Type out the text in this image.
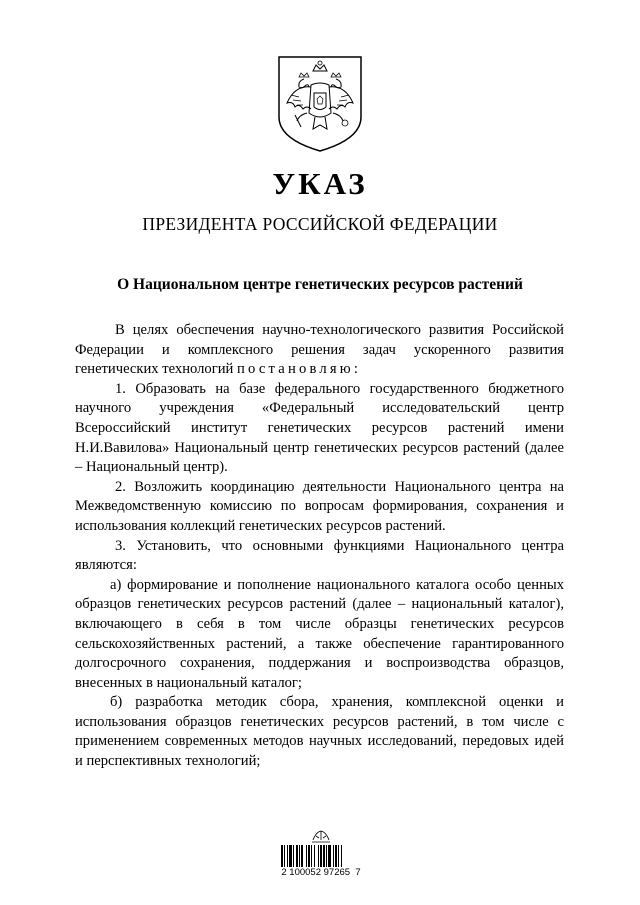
УКАЗ
ПРЕЗИДЕНТА РОССИЙСКОЙ ФЕДЕРАЦИИ
О Национальном центре генетических ресурсов растений

В целях обеспечения научно-технологического развития Российской Федерации и комплексного решения задач ускоренного развития генетических технологий постановляю:

1. Образовать на базе федерального государственного бюджетного научного учреждения «Федеральный исследовательский центр Всероссийский институт генетических ресурсов растений имени Н.И.Вавилова» Национальный центр генетических ресурсов растений (далее – Национальный центр).

2. Возложить координацию деятельности Национального центра на Межведомственную комиссию по вопросам формирования, сохранения и использования коллекций генетических ресурсов растений.

3. Установить, что основными функциями Национального центра являются:

а) формирование и пополнение национального каталога особо ценных образцов генетических ресурсов растений (далее – национальный каталог), включающего в себя в том числе образцы генетических ресурсов сельскохозяйственных растений, а также обеспечение гарантированного долгосрочного сохранения, поддержания и воспроизводства образцов, внесенных в национальный каталог;

б) разработка методик сбора, хранения, комплексной оценки и использования образцов генетических ресурсов растений, в том числе с применением современных методов научных исследований, передовых идей и перспективных технологий;

2 100052 97265  7
